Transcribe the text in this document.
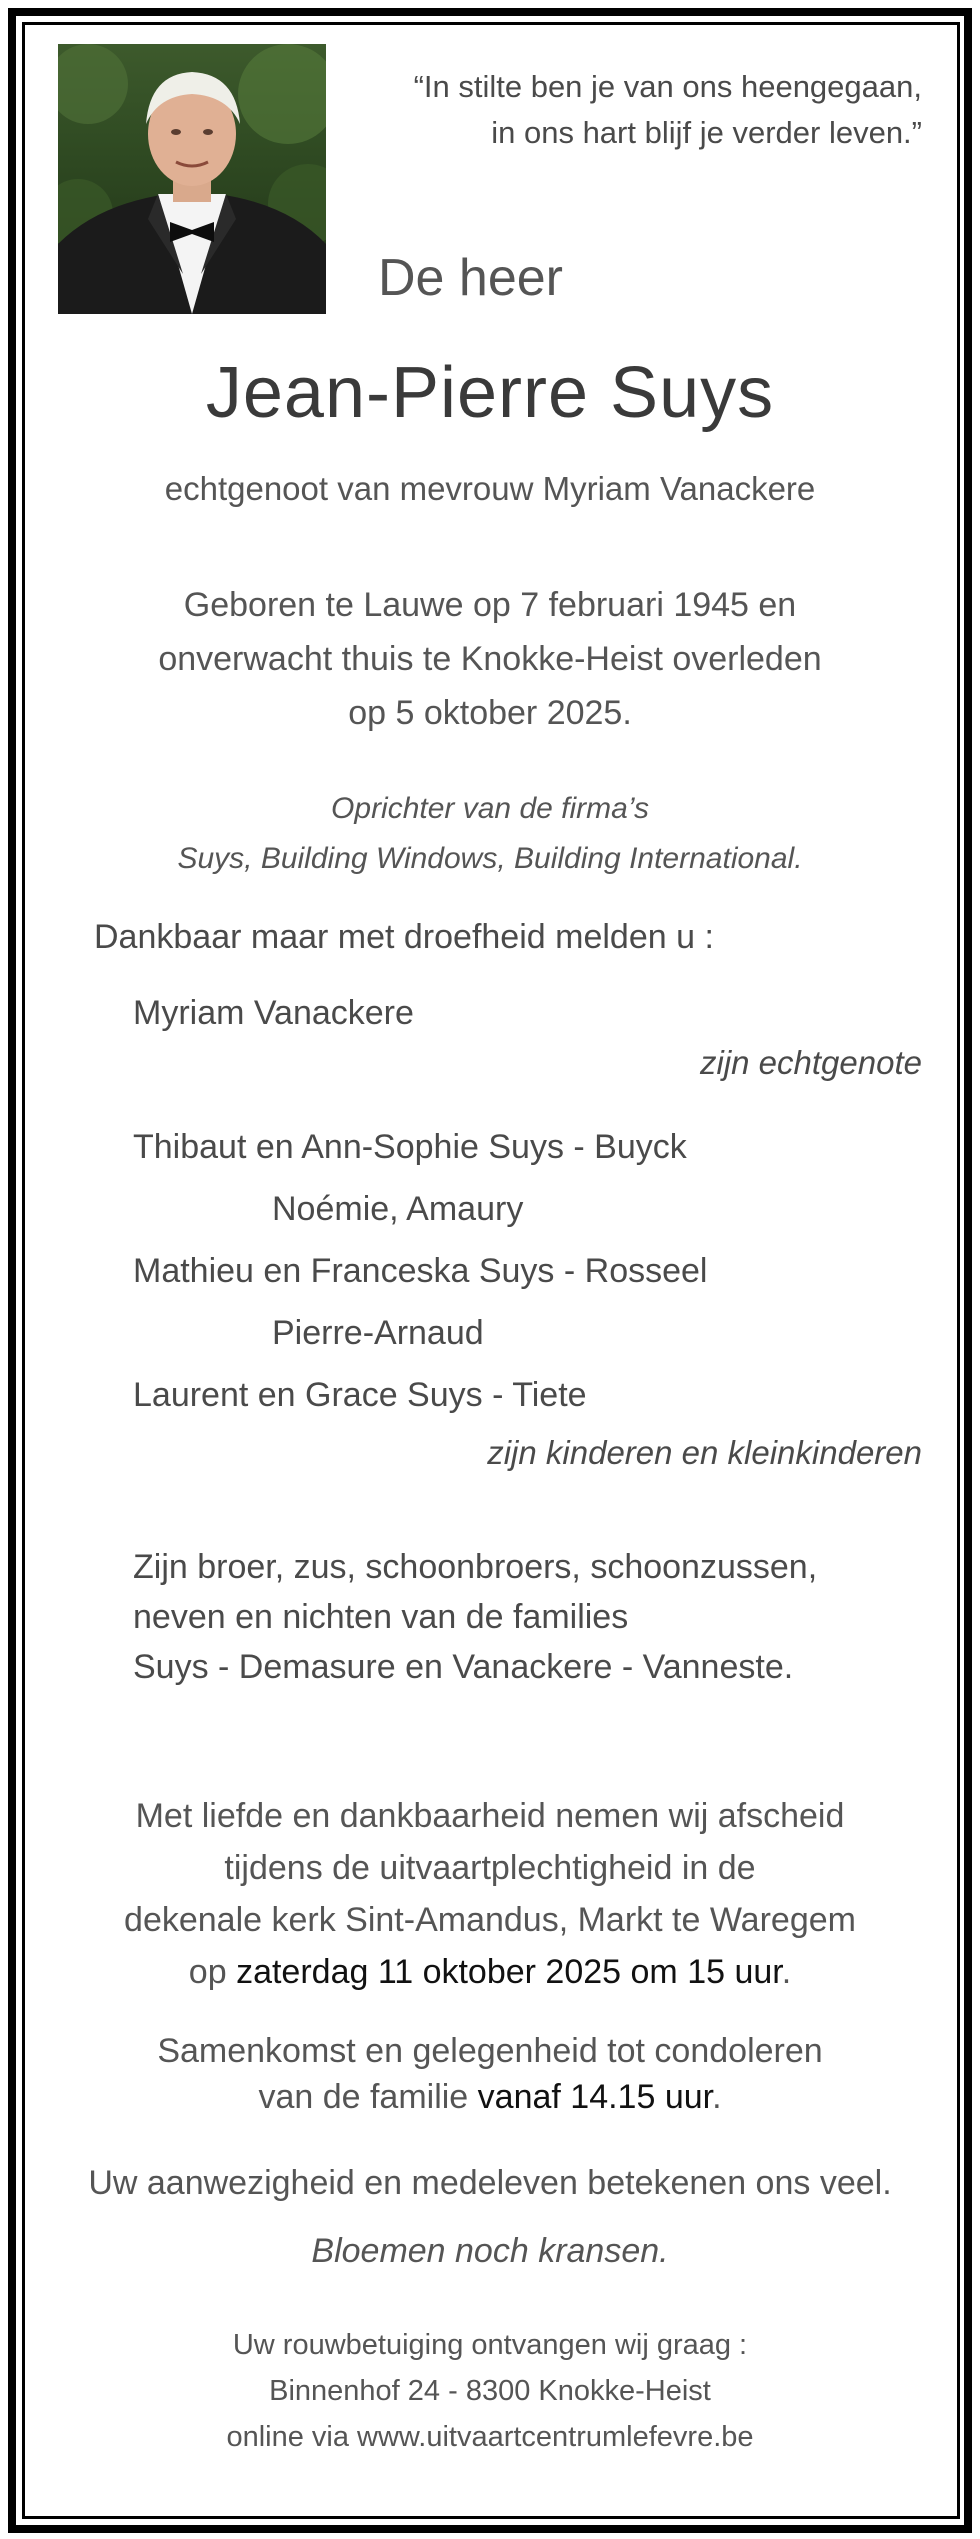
“In stilte ben je van ons heengegaan,
in ons hart blijf je verder leven.”
De heer
Jean-Pierre Suys
echtgenoot van mevrouw Myriam Vanackere
Geboren te Lauwe op 7 februari 1945 en
onverwacht thuis te Knokke-Heist overleden
op 5 oktober 2025.
Oprichter van de firma’s
Suys, Building Windows, Building International.
Dankbaar maar met droefheid melden u :
Myriam Vanackere
zijn echtgenote
Thibaut en Ann-Sophie Suys - Buyck
Noémie, Amaury
Mathieu en Franceska Suys - Rosseel
Pierre-Arnaud
Laurent en Grace Suys - Tiete
zijn kinderen en kleinkinderen
Zijn broer, zus, schoonbroers, schoonzussen,
neven en nichten van de families
Suys - Demasure en Vanackere - Vanneste.
Met liefde en dankbaarheid nemen wij afscheid
tijdens de uitvaartplechtigheid in de
dekenale kerk Sint-Amandus, Markt te Waregem
op zaterdag 11 oktober 2025 om 15 uur.
Samenkomst en gelegenheid tot condoleren
van de familie vanaf 14.15 uur.
Uw aanwezigheid en medeleven betekenen ons veel.
Bloemen noch kransen.
Uw rouwbetuiging ontvangen wij graag :
Binnenhof 24 - 8300 Knokke-Heist
online via www.uitvaartcentrumlefevre.be
